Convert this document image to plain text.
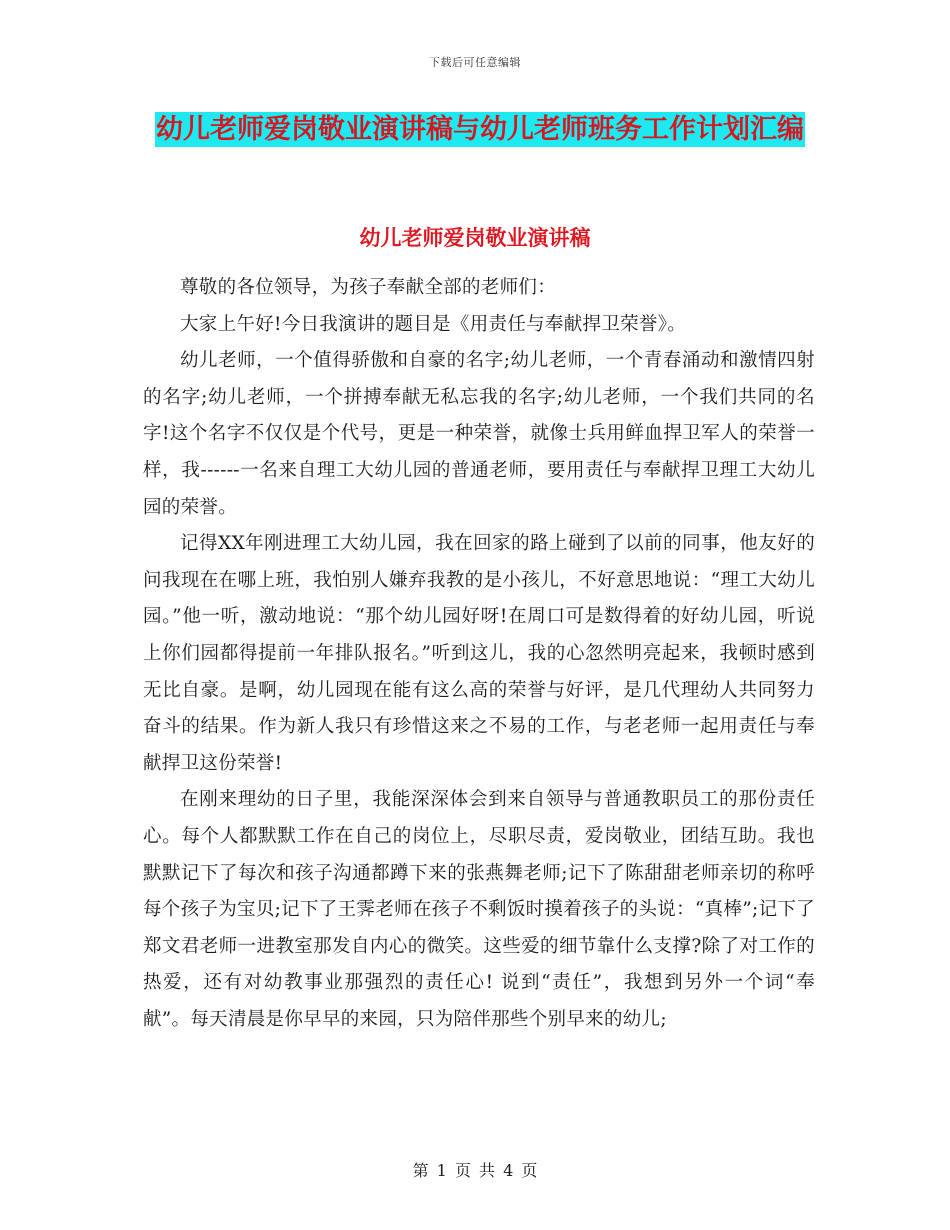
下载后可任意编辑
幼儿老师爱岗敬业演讲稿与幼儿老师班务工作计划汇编
幼儿老师爱岗敬业演讲稿

尊敬的各位领导，为孩子奉献全部的老师们：

大家上午好!今日我演讲的题目是《用责任与奉献捍卫荣誉》。

幼儿老师，一个值得骄傲和自豪的名字;幼儿老师，一个青春涌动和激情四射的名字;幼儿老师，一个拼搏奉献无私忘我的名字;幼儿老师，一个我们共同的名字!这个名字不仅仅是个代号，更是一种荣誉，就像士兵用鲜血捍卫军人的荣誉一样，我------一名来自理工大幼儿园的普通老师，要用责任与奉献捍卫理工大幼儿园的荣誉。

记得XX年刚进理工大幼儿园，我在回家的路上碰到了以前的同事，他友好的问我现在在哪上班，我怕别人嫌弃我教的是小孩儿，不好意思地说：“理工大幼儿园。”他一听，激动地说：“那个幼儿园好呀!在周口可是数得着的好幼儿园，听说上你们园都得提前一年排队报名。”听到这儿，我的心忽然明亮起来，我顿时感到无比自豪。是啊，幼儿园现在能有这么高的荣誉与好评，是几代理幼人共同努力奋斗的结果。作为新人我只有珍惜这来之不易的工作，与老老师一起用责任与奉献捍卫这份荣誉!

在刚来理幼的日子里，我能深深体会到来自领导与普通教职员工的那份责任心。每个人都默默工作在自己的岗位上，尽职尽责，爱岗敬业，团结互助。我也默默记下了每次和孩子沟通都蹲下来的张燕舞老师;记下了陈甜甜老师亲切的称呼每个孩子为宝贝;记下了王霁老师在孩子不剩饭时摸着孩子的头说：“真棒”;记下了郑文君老师一进教室那发自内心的微笑。这些爱的细节靠什么支撑?除了对工作的热爱，还有对幼教事业那强烈的责任心! 说到“责任”，我想到另外一个词“奉献”。每天清晨是你早早的来园，只为陪伴那些个别早来的幼儿;

第 1 页 共 4 页
